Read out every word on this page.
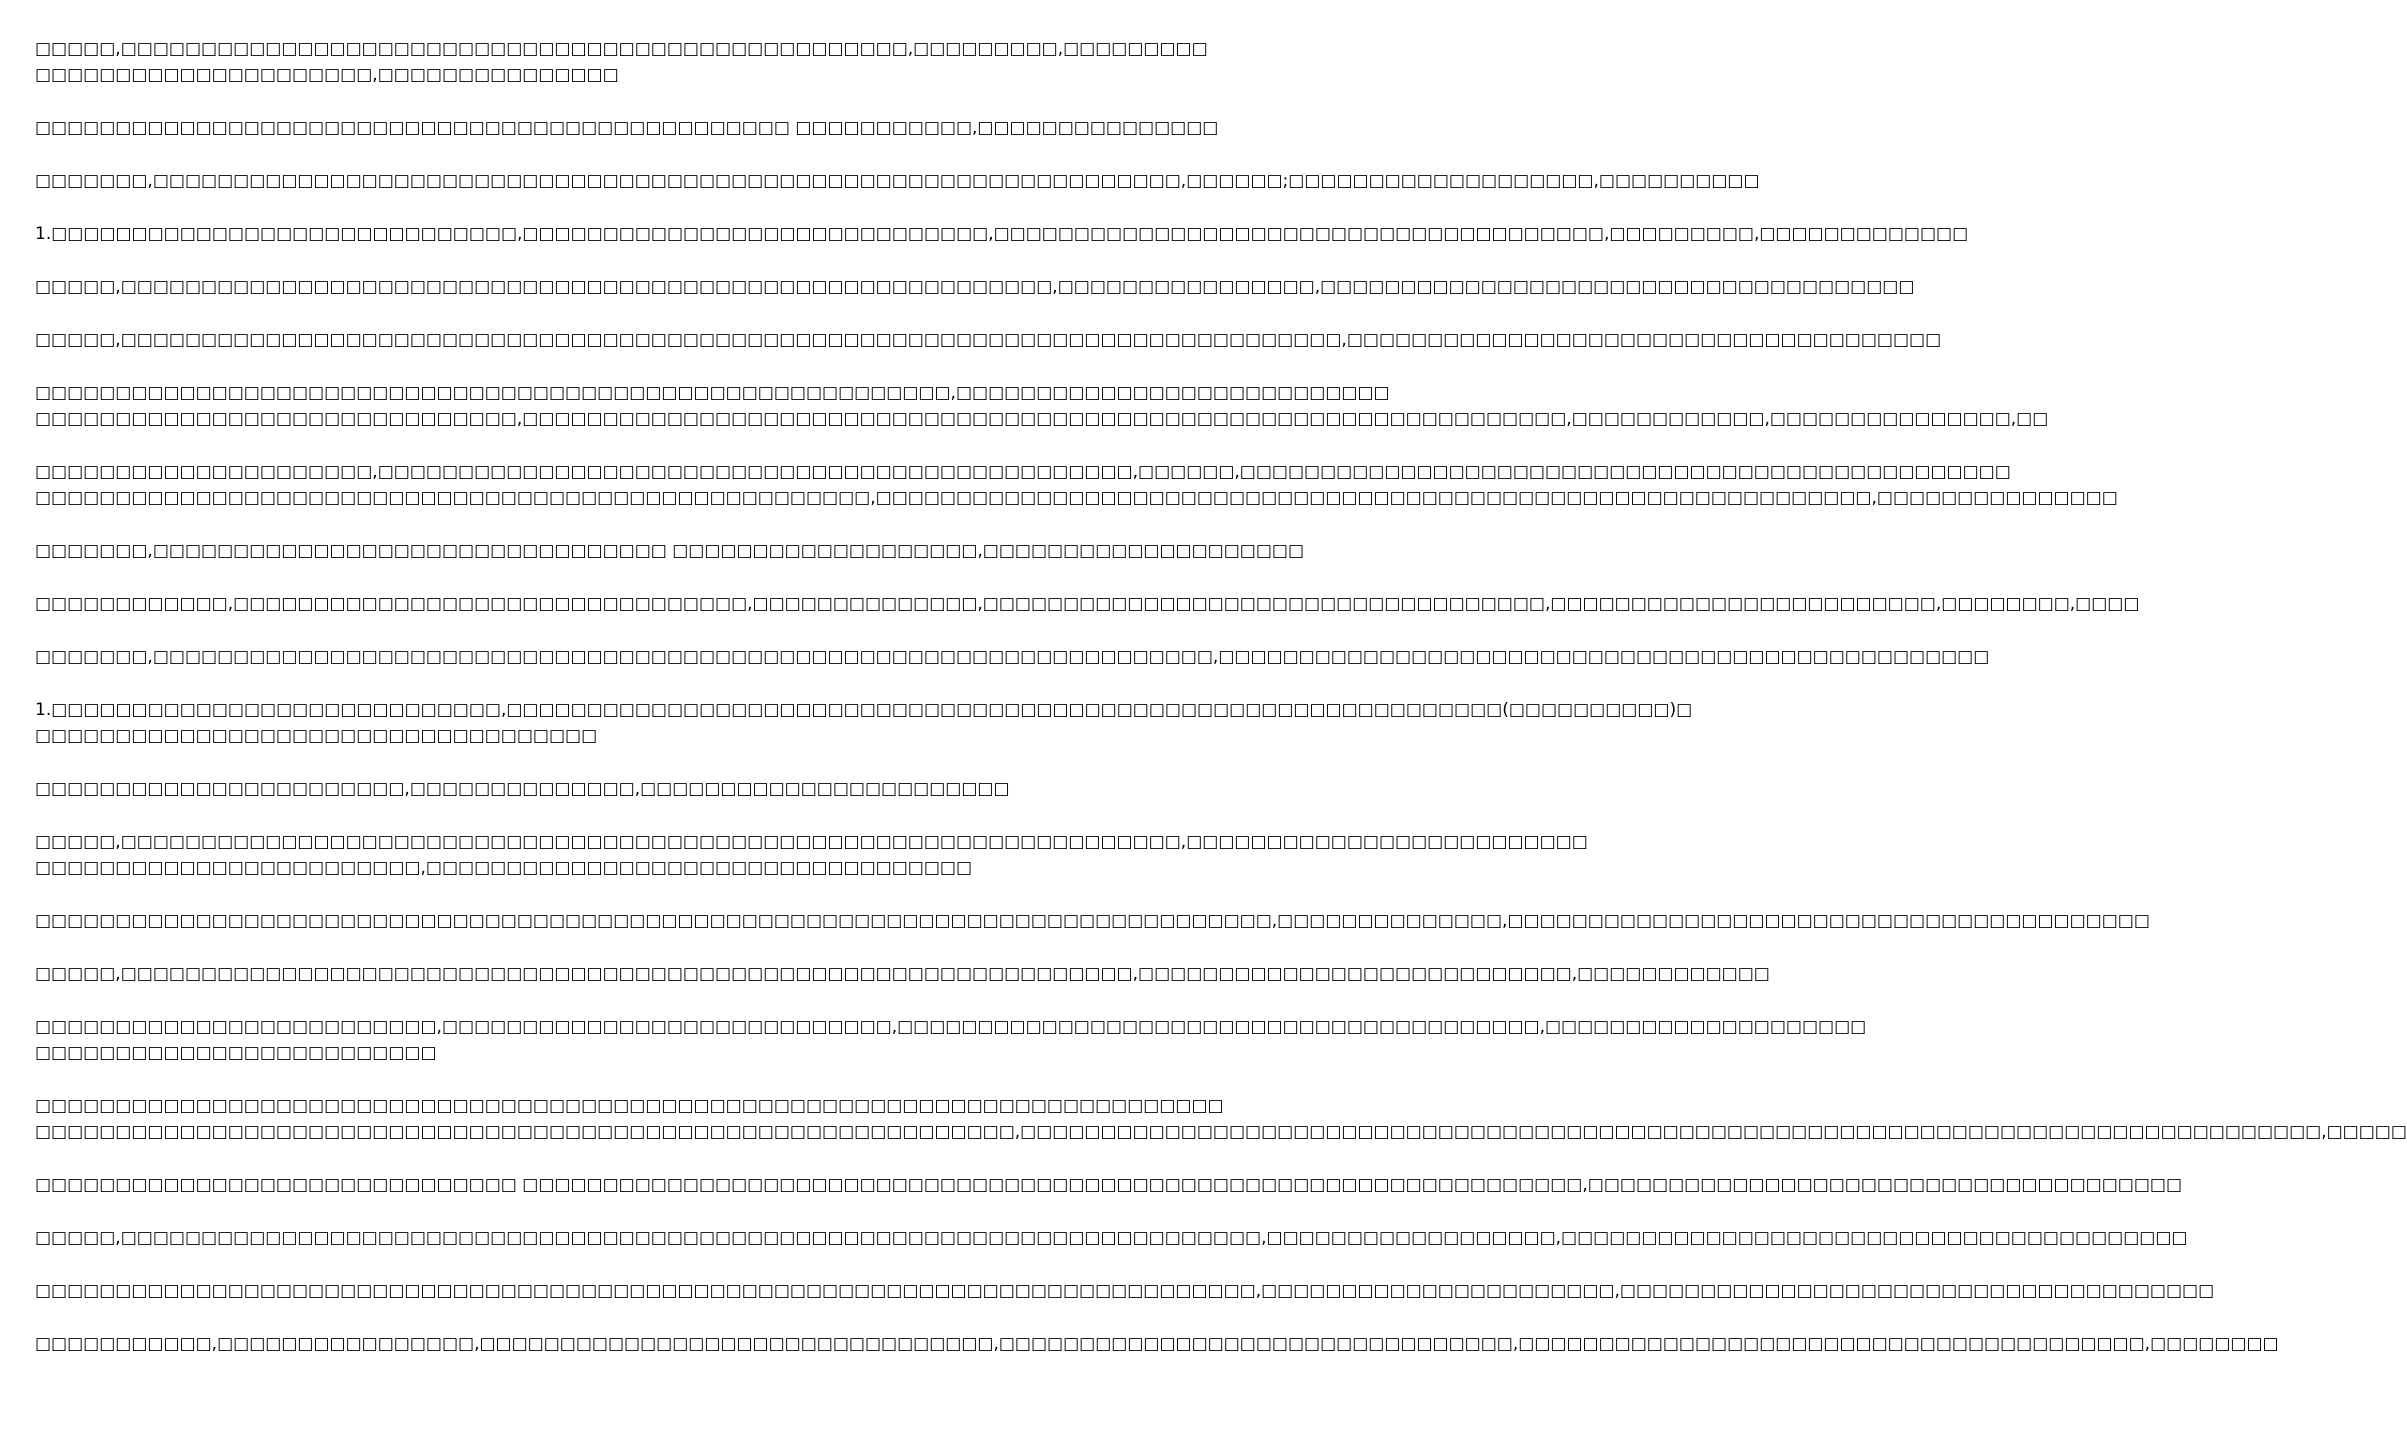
□□□□□,□□□□□□□□□□□□□□□□□□□□□□□□□□□□□□□□□□□□□□□□□□□□□□□□□,□□□□□□□□□,□□□□□□□□□
□□□□□□□□□□□□□□□□□□□□□,□□□□□□□□□□□□□□□
□□□□□□□□□□□□□□□□□□□□□□□□□□□□□□□□□□□□□□□□□□□□□□□ □□□□□□□□□□□,□□□□□□□□□□□□□□□
□□□□□□□,□□□□□□□□□□□□□□□□□□□□□□□□□□□□□□□□□□□□□□□□□□□□□□□□□□□□□□□□□□□□□□□□,□□□□□□;□□□□□□□□□□□□□□□□□□□,□□□□□□□□□□
1.□□□□□□□□□□□□□□□□□□□□□□□□□□□□□,□□□□□□□□□□□□□□□□□□□□□□□□□□□□□,□□□□□□□□□□□□□□□□□□□□□□□□□□□□□□□□□□□□□□,□□□□□□□□□,□□□□□□□□□□□□□
□□□□□,□□□□□□□□□□□□□□□□□□□□□□□□□□□□□□□□□□□□□□□□□□□□□□□□□□□□□□□□□□,□□□□□□□□□□□□□□□□,□□□□□□□□□□□□□□□□□□□□□□□□□□□□□□□□□□□□□
□□□□□,□□□□□□□□□□□□□□□□□□□□□□□□□□□□□□□□□□□□□□□□□□□□□□□□□□□□□□□□□□□□□□□□□□□□□□□□□□□□,□□□□□□□□□□□□□□□□□□□□□□□□□□□□□□□□□□□□□
□□□□□□□□□□□□□□□□□□□□□□□□□□□□□□□□□□□□□□□□□□□□□□□□□□□□□□□□□,□□□□□□□□□□□□□□□□□□□□□□□□□□□
□□□□□□□□□□□□□□□□□□□□□□□□□□□□□□,□□□□□□□□□□□□□□□□□□□□□□□□□□□□□□□□□□□□□□□□□□□□□□□□□□□□□□□□□□□□□□□□□,□□□□□□□□□□□□,□□□□□□□□□□□□□□□,□□
□□□□□□□□□□□□□□□□□□□□□,□□□□□□□□□□□□□□□□□□□□□□□□□□□□□□□□□□□□□□□□□□□□□□□,□□□□□□,□□□□□□□□□□□□□□□□□□□□□□□□□□□□□□□□□□□□□□□□□□□□□□□□
□□□□□□□□□□□□□□□□□□□□□□□□□□□□□□□□□□□□□□□□□□□□□□□□□□□□,□□□□□□□□□□□□□□□□□□□□□□□□□□□□□□□□□□□□□□□□□□□□□□□□□□□□□□□□□□□□□□,□□□□□□□□□□□□□□□
□□□□□□□,□□□□□□□□□□□□□□□□□□□□□□□□□□□□□□□□ □□□□□□□□□□□□□□□□□□□,□□□□□□□□□□□□□□□□□□□□
□□□□□□□□□□□□,□□□□□□□□□□□□□□□□□□□□□□□□□□□□□□□□,□□□□□□□□□□□□□□,□□□□□□□□□□□□□□□□□□□□□□□□□□□□□□□□□□□,□□□□□□□□□□□□□□□□□□□□□□□□,□□□□□□□□,□□□□
□□□□□□□,□□□□□□□□□□□□□□□□□□□□□□□□□□□□□□□□□□□□□□□□□□□□□□□□□□□□□□□□□□□□□□□□□□,□□□□□□□□□□□□□□□□□□□□□□□□□□□□□□□□□□□□□□□□□□□□□□□□
1.□□□□□□□□□□□□□□□□□□□□□□□□□□□□,□□□□□□□□□□□□□□□□□□□□□□□□□□□□□□□□□□□□□□□□□□□□□□□□□□□□□□□□□□□□□□(□□□□□□□□□□)□
□□□□□□□□□□□□□□□□□□□□□□□□□□□□□□□□□□□
□□□□□□□□□□□□□□□□□□□□□□□,□□□□□□□□□□□□□□,□□□□□□□□□□□□□□□□□□□□□□□
□□□□□,□□□□□□□□□□□□□□□□□□□□□□□□□□□□□□□□□□□□□□□□□□□□□□□□□□□□□□□□□□□□□□□□□□,□□□□□□□□□□□□□□□□□□□□□□□□□
□□□□□□□□□□□□□□□□□□□□□□□□,□□□□□□□□□□□□□□□□□□□□□□□□□□□□□□□□□□
□□□□□□□□□□□□□□□□□□□□□□□□□□□□□□□□□□□□□□□□□□□□□□□□□□□□□□□□□□□□□□□□□□□□□□□□□□□□□,□□□□□□□□□□□□□□,□□□□□□□□□□□□□□□□□□□□□□□□□□□□□□□□□□□□□□□□
□□□□□,□□□□□□□□□□□□□□□□□□□□□□□□□□□□□□□□□□□□□□□□□□□□□□□□□□□□□□□□□□□□□□□,□□□□□□□□□□□□□□□□□□□□□□□□□□□,□□□□□□□□□□□□
□□□□□□□□□□□□□□□□□□□□□□□□□,□□□□□□□□□□□□□□□□□□□□□□□□□□□□,□□□□□□□□□□□□□□□□□□□□□□□□□□□□□□□□□□□□□□□□,□□□□□□□□□□□□□□□□□□□□
□□□□□□□□□□□□□□□□□□□□□□□□□
□□□□□□□□□□□□□□□□□□□□□□□□□□□□□□□□□□□□□□□□□□□□□□□□□□□□□□□□□□□□□□□□□□□□□□□□□□
□□□□□□□□□□□□□□□□□□□□□□□□□□□□□□□□□□□□□□□□□□□□□□□□□□□□□□□□□□□□□,□□□□□□□□□□□□□□□□□□□□□□□□□□□□□□□□□□□□□□□□□□□□□□□□□□□□□□□□□□□□□□□□□□□□□□□□□□□□□□□□□,□□□□□
□□□□□□□□□□□□□□□□□□□□□□□□□□□□□□ □□□□□□□□□□□□□□□□□□□□□□□□□□□□□□□□□□□□□□□□□□□□□□□□□□□□□□□□□□□□□□□□□□,□□□□□□□□□□□□□□□□□□□□□□□□□□□□□□□□□□□□□
□□□□□,□□□□□□□□□□□□□□□□□□□□□□□□□□□□□□□□□□□□□□□□□□□□□□□□□□□□□□□□□□□□□□□□□□□□□□□,□□□□□□□□□□□□□□□□□□,□□□□□□□□□□□□□□□□□□□□□□□□□□□□□□□□□□□□□□□
□□□□□□□□□□□□□□□□□□□□□□□□□□□□□□□□□□□□□□□□□□□□□□□□□□□□□□□□□□□□□□□□□□□□□□□□□□□□,□□□□□□□□□□□□□□□□□□□□□□,□□□□□□□□□□□□□□□□□□□□□□□□□□□□□□□□□□□□□
□□□□□□□□□□□,□□□□□□□□□□□□□□□□,□□□□□□□□□□□□□□□□□□□□□□□□□□□□□□□□,□□□□□□□□□□□□□□□□□□□□□□□□□□□□□□□□,□□□□□□□□□□□□□□□□□□□□□□□□□□□□□□□□□□□□□□□,□□□□□□□□
